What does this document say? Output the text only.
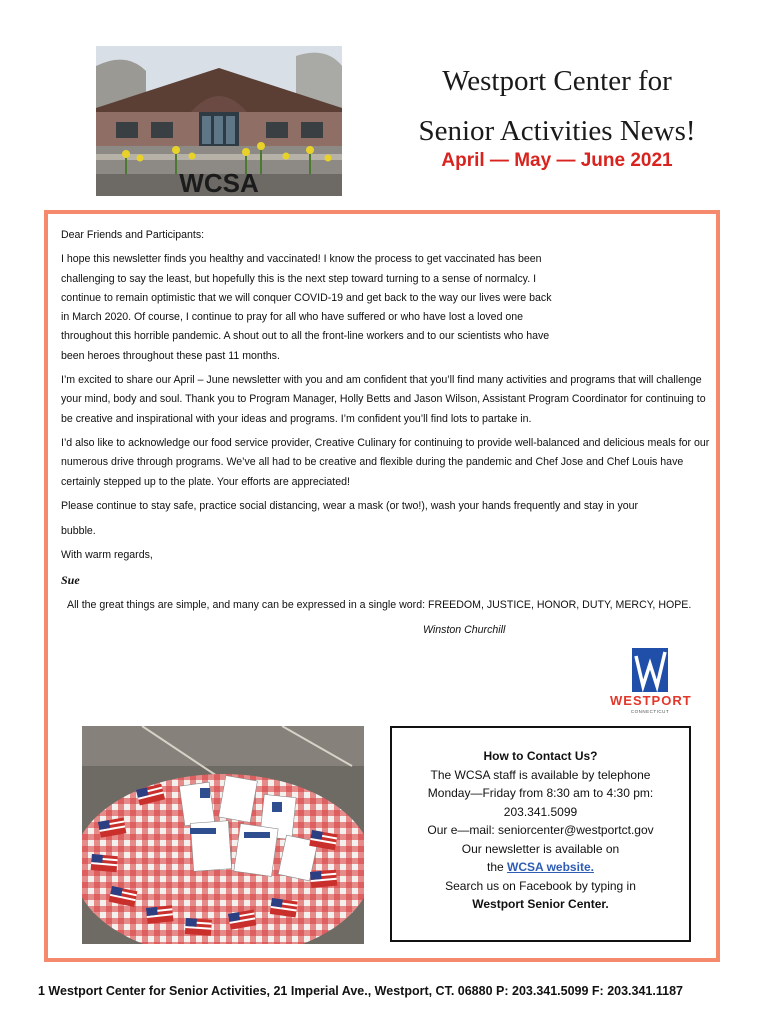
WCSA
Westport Center for
Senior Activities News!
April — May — June 2021

Dear Friends and Participants:

I hope this newsletter finds you healthy and vaccinated! I know the process to get vaccinated has been challenging to say the least, but hopefully this is the next step toward turning to a sense of normalcy. I continue to remain optimistic that we will conquer COVID-19 and get back to the way our lives were back in March 2020. Of course, I continue to pray for all who have suffered or who have lost a loved one throughout this horrible pandemic. A shout out to all the front-line workers and to our scientists who have been heroes throughout these past 11 months.

I’m excited to share our April – June newsletter with you and am confident that you’ll find many activities and programs that will challenge your mind, body and soul. Thank you to Program Manager, Holly Betts and Jason Wilson, Assistant Program Coordinator for continuing to be creative and inspirational with your ideas and programs. I’m confident you’ll find lots to partake in.

I’d also like to acknowledge our food service provider, Creative Culinary for continuing to provide well-balanced and delicious meals for our numerous drive through programs. We’ve all had to be creative and flexible during the pandemic and Chef Jose and Chef Louis have certainly stepped up to the plate. Your efforts are appreciated!

Please continue to stay safe, practice social distancing, wear a mask (or two!), wash your hands frequently and stay in your

bubble.

With warm regards,

Sue

All the great things are simple, and many can be expressed in a single word: FREEDOM, JUSTICE, HONOR, DUTY, MERCY, HOPE.

Winston Churchill

WESTPORT
CONNECTICUT
How to Contact Us?
The WCSA staff is available by telephone
Monday—Friday from 8:30 am to 4:30 pm:
203.341.5099
Our e—mail: seniorcenter@westportct.gov
Our newsletter is available on
the WCSA website.
Search us on Facebook by typing in
Westport Senior Center.
1 Westport Center for Senior Activities, 21 Imperial Ave., Westport, CT. 06880 P: 203.341.5099 F: 203.341.1187
